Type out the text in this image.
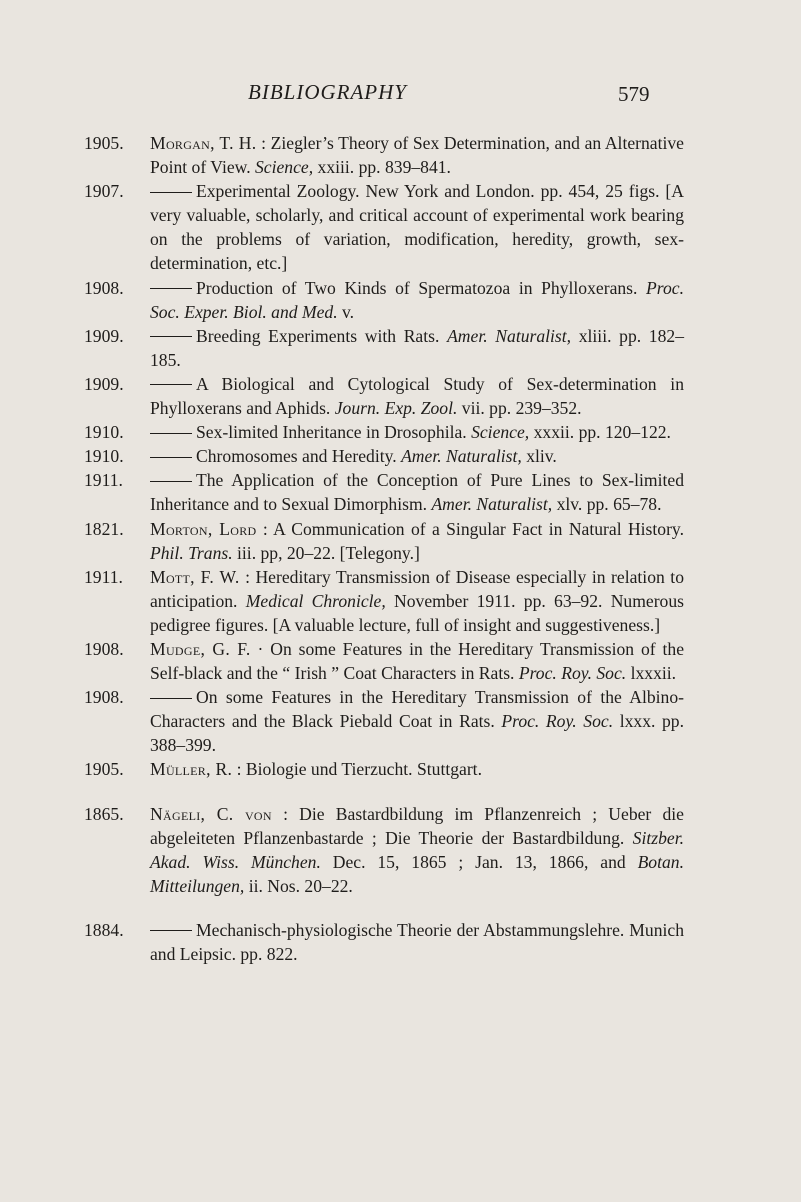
BIBLIOGRAPHY	579
1905.	Morgan, T. H. : Ziegler’s Theory of Sex Determination, and an Alternative Point of View. Science, xxiii. pp. 839–841.
1907.	Experimental Zoology. New York and London. pp. 454, 25 figs. [A very valuable, scholarly, and critical account of experimental work bearing on the problems of variation, modification, heredity, growth, sex-determination, etc.]
1908.	Production of Two Kinds of Spermatozoa in Phylloxerans. Proc. Soc. Exper. Biol. and Med. v.
1909.	Breeding Experiments with Rats. Amer. Naturalist, xliii. pp. 182–185.
1909.	A Biological and Cytological Study of Sex-determination in Phylloxerans and Aphids. Journ. Exp. Zool. vii. pp. 239–352.
1910.	Sex-limited Inheritance in Drosophila. Science, xxxii. pp. 120–122.
1910.	Chromosomes and Heredity. Amer. Naturalist, xliv.
1911.	The Application of the Conception of Pure Lines to Sex-limited Inheritance and to Sexual Dimorphism. Amer. Naturalist, xlv. pp. 65–78.
1821.	Morton, Lord : A Communication of a Singular Fact in Natural History. Phil. Trans. iii. pp, 20–22. [Telegony.]
1911.	Mott, F. W. : Hereditary Transmission of Disease especially in relation to anticipation. Medical Chronicle, November 1911. pp. 63–92. Numerous pedigree figures. [A valuable lecture, full of insight and suggestiveness.]
1908.	Mudge, G. F. · On some Features in the Hereditary Transmission of the Self-black and the “ Irish ” Coat Characters in Rats. Proc. Roy. Soc. lxxxii.
1908.	On some Features in the Hereditary Transmission of the Albino-Characters and the Black Piebald Coat in Rats. Proc. Roy. Soc. lxxx. pp. 388–399.
1905.	Müller, R. : Biologie und Tierzucht. Stuttgart.
1865.	Nägeli, C. von : Die Bastardbildung im Pflanzenreich ; Ueber die abgeleiteten Pflanzenbastarde ; Die Theorie der Bastardbildung. Sitzber. Akad. Wiss. München. Dec. 15, 1865 ; Jan. 13, 1866, and Botan. Mitteilungen, ii. Nos. 20–22.
1884.	Mechanisch-physiologische Theorie der Abstammungslehre. Munich and Leipsic. pp. 822.
